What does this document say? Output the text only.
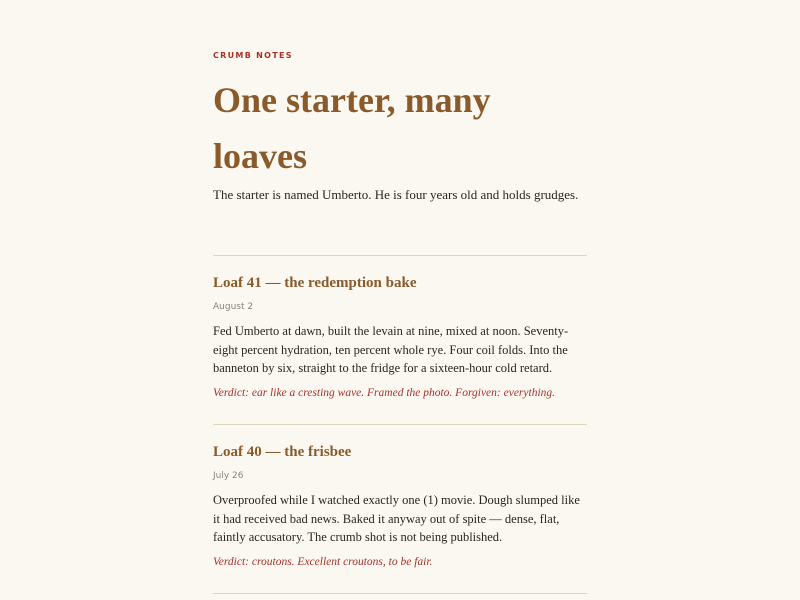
CRUMB NOTES
One starter, many loaves

The starter is named Umberto. He is four years old and holds grudges.

Loaf 41 — the redemption bake
August 2

Fed Umberto at dawn, built the levain at nine, mixed at noon. Seventy-eight percent hydration, ten percent whole rye. Four coil folds. Into the banneton by six, straight to the fridge for a sixteen-hour cold retard.

Verdict: ear like a cresting wave. Framed the photo. Forgiven: everything.

Loaf 40 — the frisbee
July 26

Overproofed while I watched exactly one (1) movie. Dough slumped like it had received bad news. Baked it anyway out of spite — dense, flat, faintly accusatory. The crumb shot is not being published.

Verdict: croutons. Excellent croutons, to be fair.
